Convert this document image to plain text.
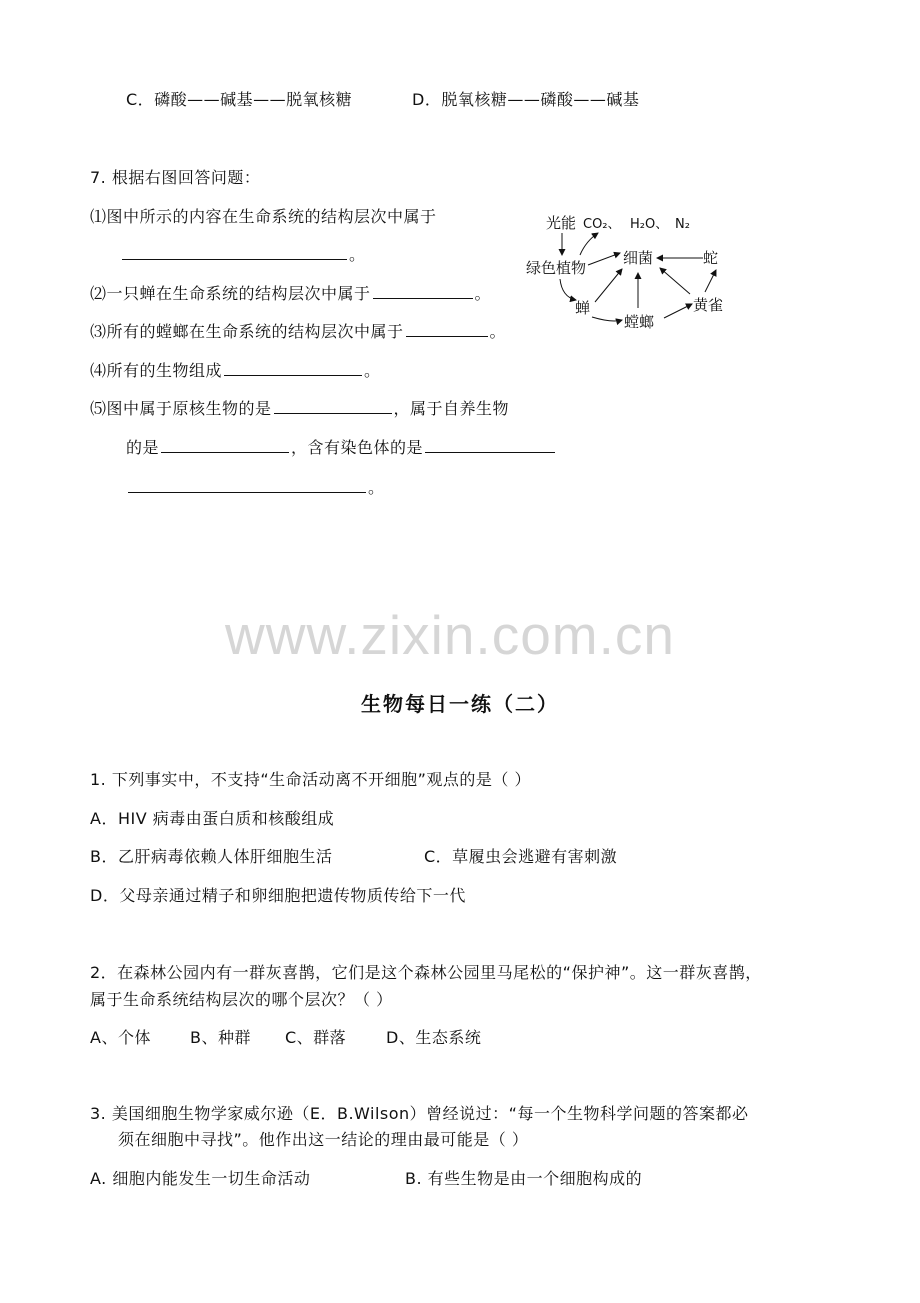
C．磷酸——碱基——脱氧核糖	D．脱氧核糖——磷酸——碱基
7. 根据右图回答问题：
⑴图中所示的内容在生命系统的结构层次中属于
。
⑵一只蝉在生命系统的结构层次中属于	。
⑶所有的螳螂在生命系统的结构层次中属于	。
⑷所有的生物组成	。
⑸图中属于原核生物的是	，属于自养生物
的是	，含有染色体的是
。
光能 CO₂、 H₂O、 N₂
绿色植物
细菌	蛇
蝉
螳螂
黄雀
www.zixin.com.cn
生物每日一练（二）
1. 下列事实中，不支持“生命活动离不开细胞”观点的是（ ）
A．HIV 病毒由蛋白质和核酸组成
B．乙肝病毒依赖人体肝细胞生活	C．草履虫会逃避有害刺激
D．父母亲通过精子和卵细胞把遗传物质传给下一代
2．在森林公园内有一群灰喜鹊，它们是这个森林公园里马尾松的“保护神”。这一群灰喜鹊，
属于生命系统结构层次的哪个层次？（ ）
A、个体 B、种群 C、群落 D、生态系统
3. 美国细胞生物学家威尔逊（E．B.Wilson）曾经说过：“每一个生物科学问题的答案都必
须在细胞中寻找”。他作出这一结论的理由最可能是（ ）
A. 细胞内能发生一切生命活动	B. 有些生物是由一个细胞构成的
